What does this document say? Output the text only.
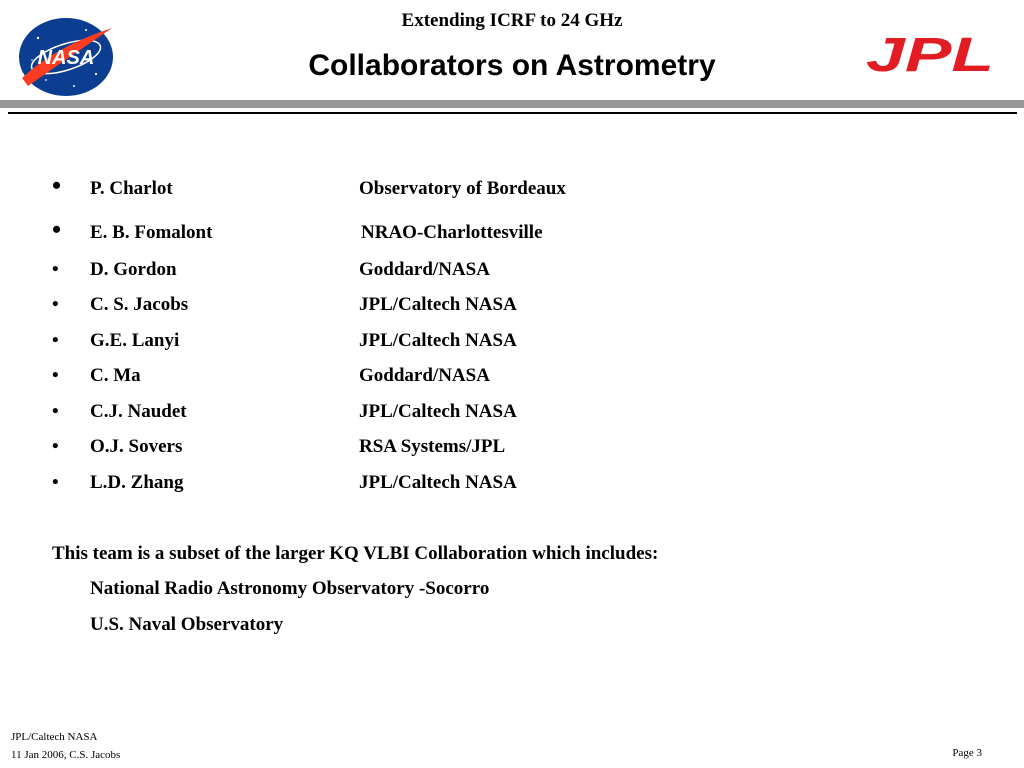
NASA
Extending ICRF to 24 GHz
Collaborators on Astrometry	JPL
• P. Charlot	Observatory of Bordeaux
• E. B. Fomalont	NRAO-Charlottesville
• D. Gordon	Goddard/NASA
• C. S. Jacobs	JPL/Caltech NASA
• G.E. Lanyi	JPL/Caltech NASA
• C. Ma	Goddard/NASA
• C.J. Naudet	JPL/Caltech NASA
• O.J. Sovers	RSA Systems/JPL
• L.D. Zhang	JPL/Caltech NASA
This team is a subset of the larger KQ VLBI Collaboration which includes:
National Radio Astronomy Observatory -Socorro
U.S. Naval Observatory
JPL/Caltech NASA
11 Jan 2006, C.S. Jacobs	Page 3
